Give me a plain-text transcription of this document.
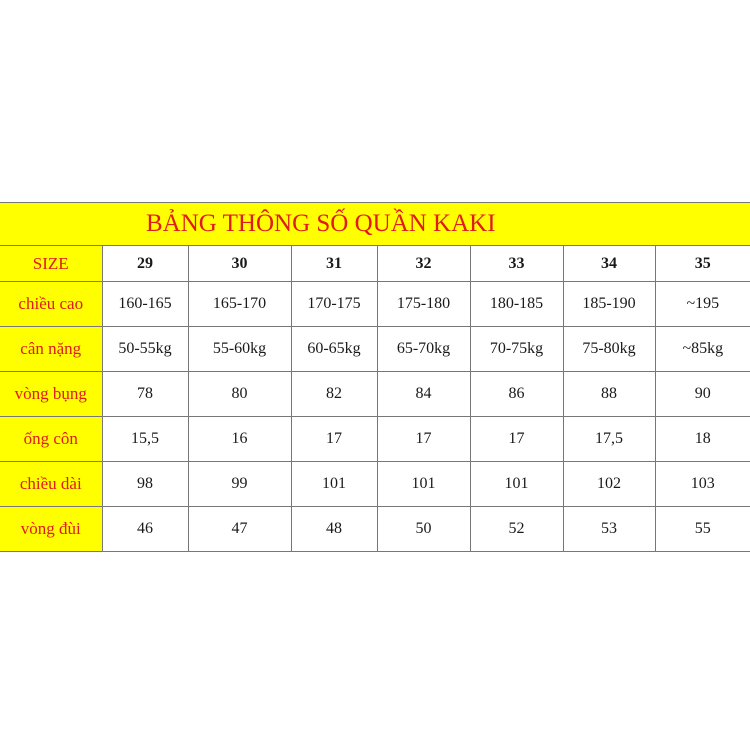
BẢNG THÔNG SỐ QUẦN KAKI							
SIZE	29	30	31	32	33	34	35
chiều cao	160-165	165-170	170-175	175-180	180-185	185-190	~195
cân nặng	50-55kg	55-60kg	60-65kg	65-70kg	70-75kg	75-80kg	~85kg
vòng bụng	78	80	82	84	86	88	90
ống côn	15,5	16	17	17	17	17,5	18
chiều dài	98	99	101	101	101	102	103
vòng đùi	46	47	48	50	52	53	55
